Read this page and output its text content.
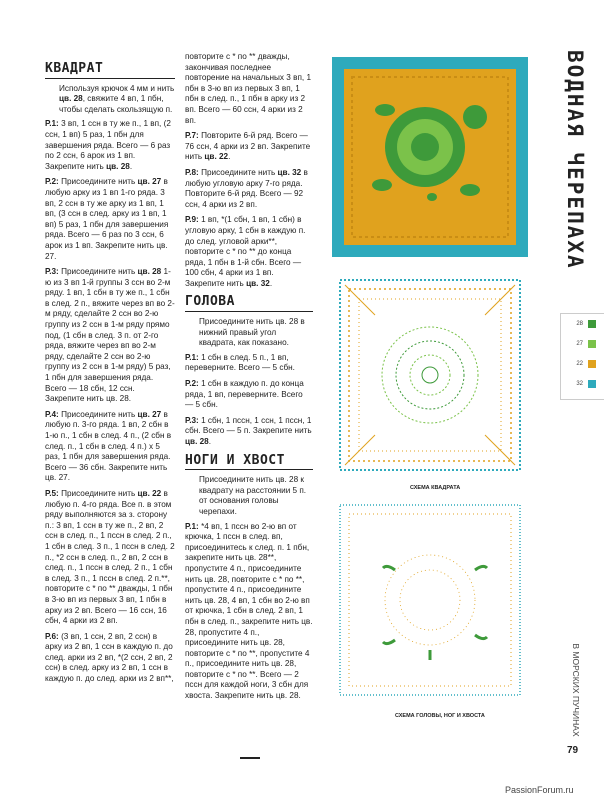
КВАДРАТ

Используя крючок 4 мм и нить цв. 28, свяжите 4 вп, 1 пбн, чтобы сделать скользящую п.

Р.1: 3 вп, 1 ссн в ту же п., 1 вп, (2 ссн, 1 вп) 5 раз, 1 пбн для завершения ряда. Всего — 6 раз по 2 ссн, 6 арок из 1 вп. Закрепите нить цв. 28.

Р.2: Присоедините нить цв. 27 в любую арку из 1 вп 1-го ряда. 3 вп, 2 ссн в ту же арку из 1 вп, 1 вп, (3 ссн в след. арку из 1 вп, 1 вп) 5 раз, 1 пбн для завершения ряда. Всего — 6 раз по 3 ссн, 6 арок из 1 вп. Закрепите нить цв. 27.

Р.3: Присоедините нить цв. 28 1-ю из 3 вп 1-й группы 3 ссн во 2-м ряду. 1 вп, 1 сбн в ту же п., 1 сбн в след. 2 п., вяжите через вп во 2-м ряду, сделайте 2 ссн во 2-ю группу из 2 ссн в 1-м ряду прямо под, (1 сбн в след. 3 п. от 2-го ряда, вяжите через вп во 2-м ряду, сделайте 2 ссн во 2-ю группу из 2 ссн в 1-м ряду) 5 раз, 1 пбн для завершения ряда. Всего — 18 сбн, 12 ссн. Закрепите нить цв. 28.

Р.4: Присоедините нить цв. 27 в любую п. 3-го ряда. 1 вп, 2 сбн в 1-ю п., 1 сбн в след. 4 п., (2 сбн в след. п., 1 сбн в след. 4 п.) х 5 раз, 1 пбн для завершения ряда. Всего — 36 сбн. Закрепите нить цв. 27.

Р.5: Присоедините нить цв. 22 в любую п. 4-го ряда. Все п. в этом ряду выполняются за з. сторону п.: 3 вп, 1 ссн в ту же п., 2 вп, 2 ссн в след. п., 1 пссн в след. 2 п., 1 сбн в след. 3 п., 1 пссн в след. 2 п., *2 ссн в след. п., 2 вп, 2 ссн в след. п., 1 пссн в след. 2 п., 1 сбн в след. 3 п., 1 пссн в след. 2 п.**, повторите с * по ** дважды, 1 пбн в 3-ю вп из первых 3 вп, 1 пбн в арку из 2 вп. Всего — 16 ссн, 16 сбн, 4 арки из 2 вп.

Р.6: (3 вп, 1 ссн, 2 вп, 2 ссн) в арку из 2 вп, 1 ссн в каждую п. до след. арки из 2 вп, *(2 ссн, 2 вп, 2 ссн) в след. арку из 2 вп, 1 ссн в каждую п. до след. арки из 2 вп**,

повторите с * по ** дважды, закончивая последнее повторение на начальных 3 вп, 1 пбн в 3-ю вп из первых 3 вп, 1 пбн в след. п., 1 пбн в арку из 2 вп. Всего — 60 ссн, 4 арки из 2 вп.

Р.7: Повторите 6-й ряд. Всего — 76 ссн, 4 арки из 2 вп. Закрепите нить цв. 22.

Р.8: Присоедините нить цв. 32 в любую угловую арку 7-го ряда. Повторите 6-й ряд. Всего — 92 ссн, 4 арки из 2 вп.

Р.9: 1 вп, *(1 сбн, 1 вп, 1 сбн) в угловую арку, 1 сбн в каждую п. до след. угловой арки**, повторите с * по ** до конца ряда, 1 пбн в 1-й сбн. Всего — 100 сбн, 4 арки из 1 вп. Закрепите нить цв. 32.

ГОЛОВА

Присоедините нить цв. 28 в нижний правый угол квадрата, как показано.

Р.1: 1 сбн в след. 5 п., 1 вп, переверните. Всего — 5 сбн.

Р.2: 1 сбн в каждую п. до конца ряда, 1 вп, переверните. Всего — 5 сбн.

Р.3: 1 сбн, 1 пссн, 1 ссн, 1 пссн, 1 сбн. Всего — 5 п. Закрепите нить цв. 28.

НОГИ И ХВОСТ

Присоедините нить цв. 28 к квадрату на расстоянии 5 п. от основания головы черепахи.

Р.1: *4 вп, 1 пссн во 2-ю вп от крючка, 1 пссн в след. вп, присоединитесь к след. п. 1 пбн, закрепите нить цв. 28**, пропустите 4 п., присоедините нить цв. 28, повторите с * по **, пропустите 4 п., присоедините нить цв. 28, 4 вп, 1 сбн во 2-ю вп от крючка, 1 сбн в след. 2 вп, 1 пбн в след. п., закрепите нить цв. 28, пропустите 4 п., присоедините нить цв. 28, повторите с * по **, пропустите 4 п., присоедините нить цв. 28, повторите с * по **. Всего — 2 пссн для каждой ноги, 3 сбн для хвоста. Закрепите нить цв. 28.

ВОДНАЯ ЧЕРЕПАХА
СХЕМА КВАДРАТА
СХЕМА ГОЛОВЫ, НОГ И ХВОСТА
28
27
22
32
В МОРСКИХ ПУЧИНАХ
79
PassionForum.ru
